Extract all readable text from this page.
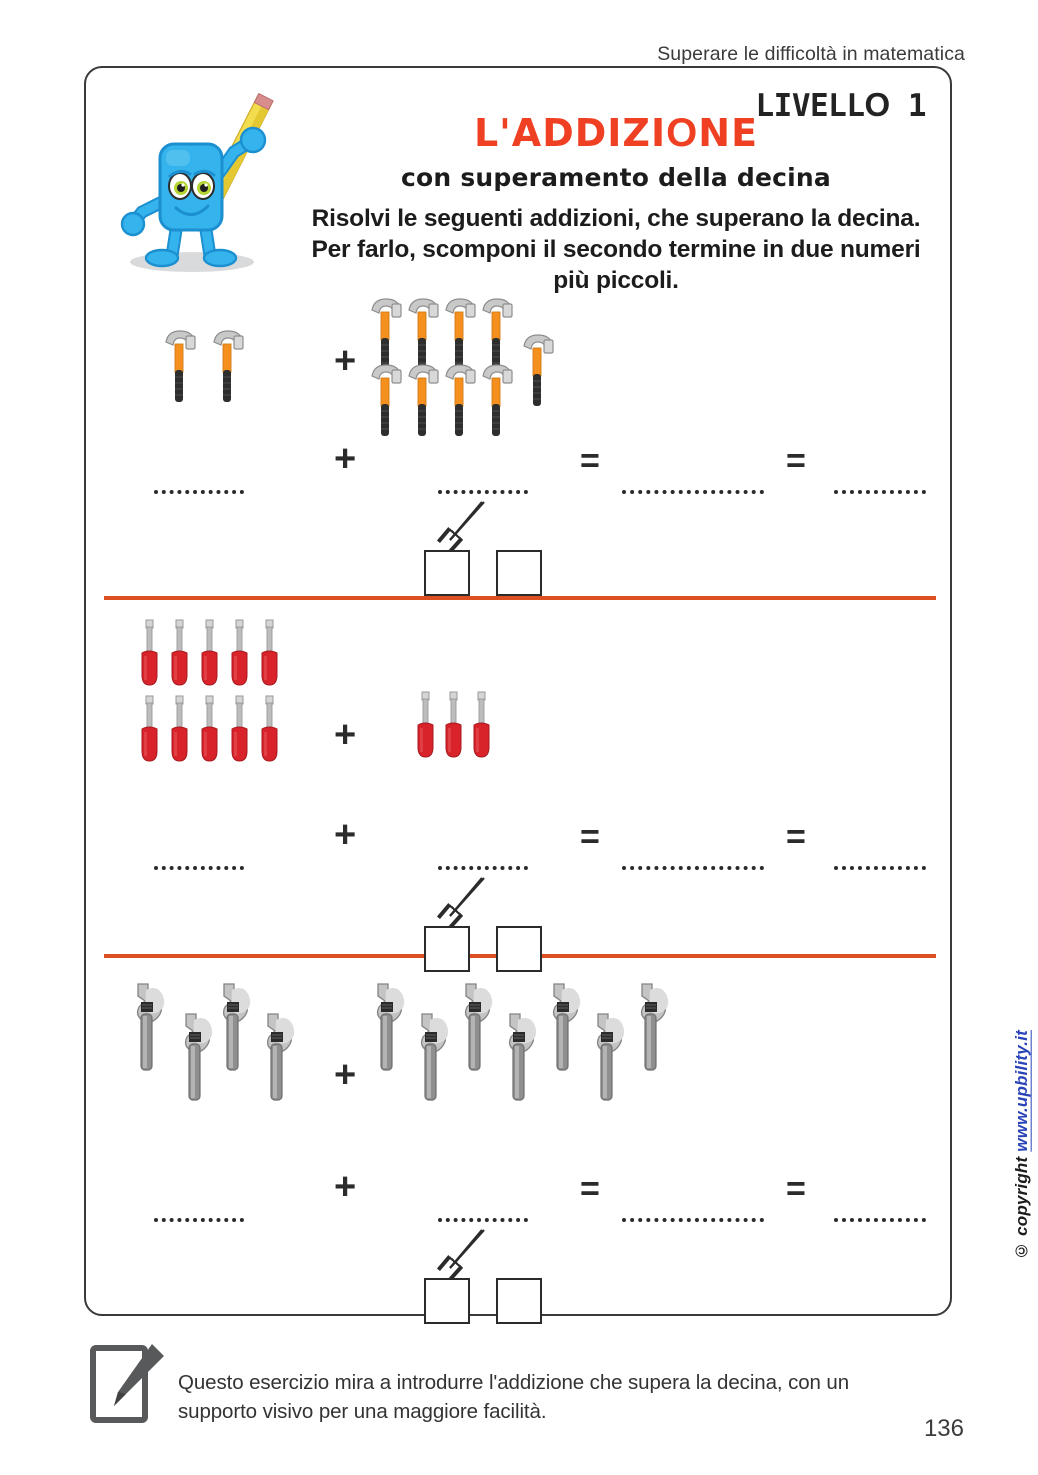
Superare le difficoltà in matematica
LIVELLO 1
L'ADDIZIONE
con superamento della decina
Risolvi le seguenti addizioni, che superano la decina.
Per farlo, scomponi il secondo termine in due numeri
più piccoli.
+
+	=	=
+
+	=	=
+
+	=	=
© copyright www.upbility.it
Questo esercizio mira a introdurre l'addizione che supera la decina, con un
supporto visivo per una maggiore facilità.
136
